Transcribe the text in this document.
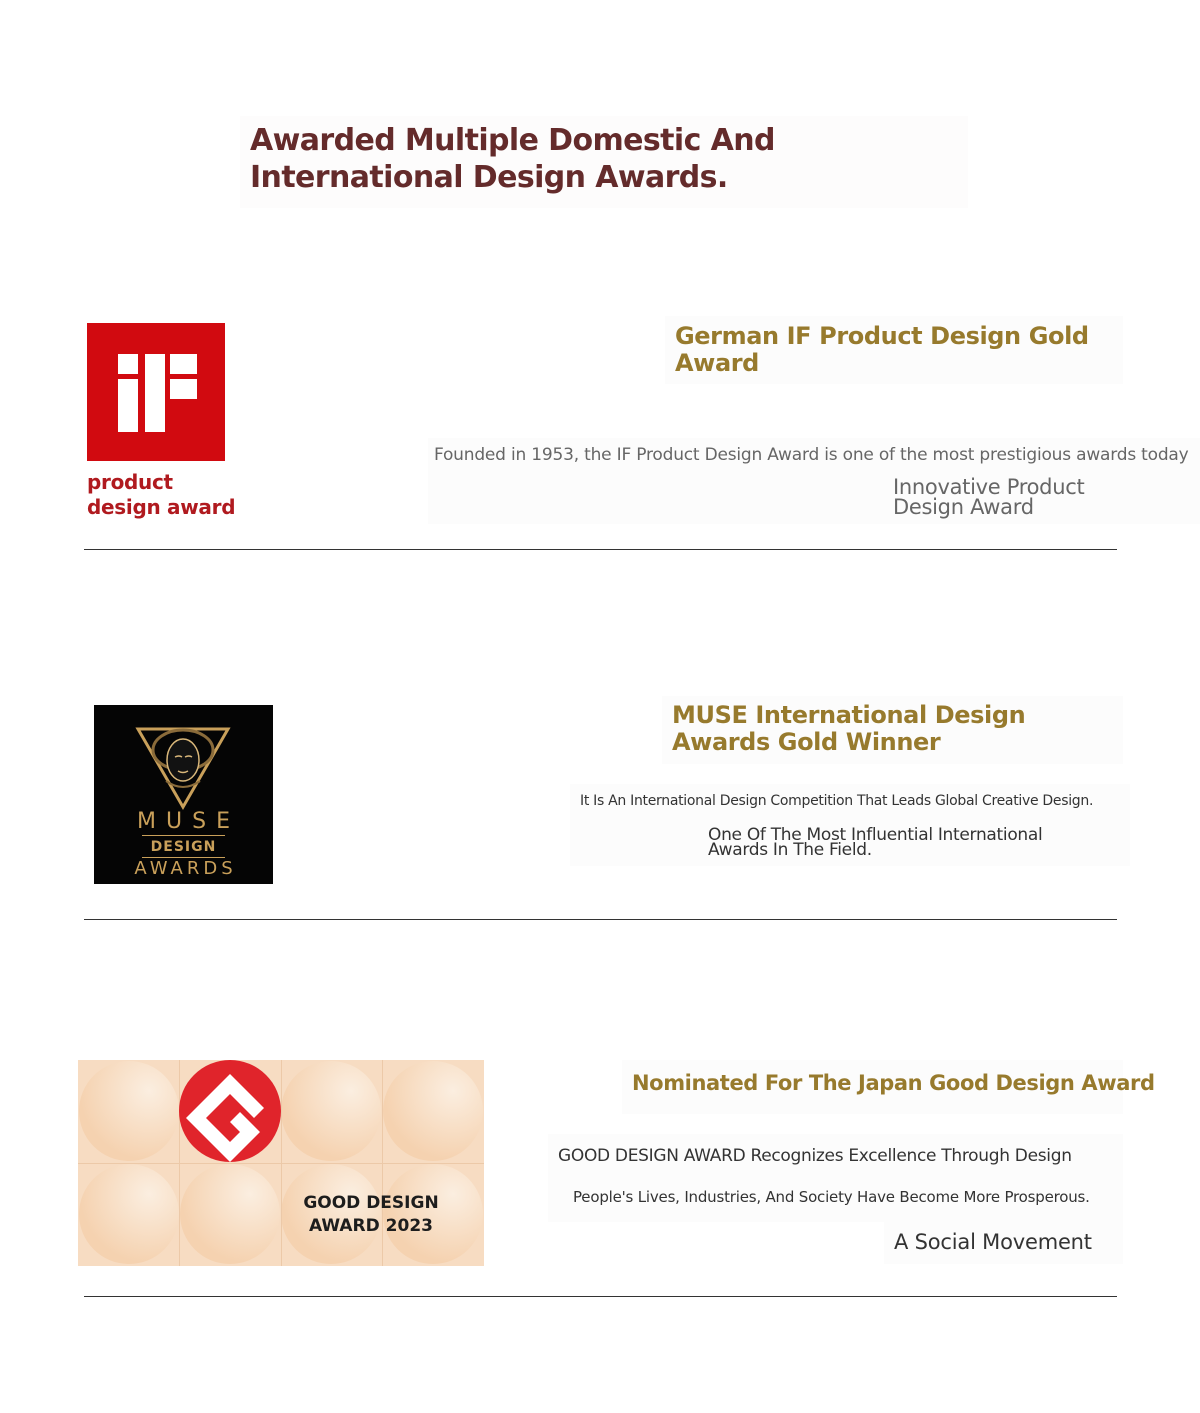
Awarded Multiple Domestic And International Design Awards.
product
design award
German IF Product Design Gold Award

Founded in 1953, the IF Product Design Award is one of the most prestigious awards today

Innovative Product Design Award

MUSE
DESIGN
AWARDS
MUSE International Design Awards Gold Winner

It Is An International Design Competition That Leads Global Creative Design.

One Of The Most Influential International Awards In The Field.

GOOD DESIGN
AWARD 2023
Nominated For The Japan Good Design Award

GOOD DESIGN AWARD Recognizes Excellence Through Design

People's Lives, Industries, And Society Have Become More Prosperous.

A Social Movement
